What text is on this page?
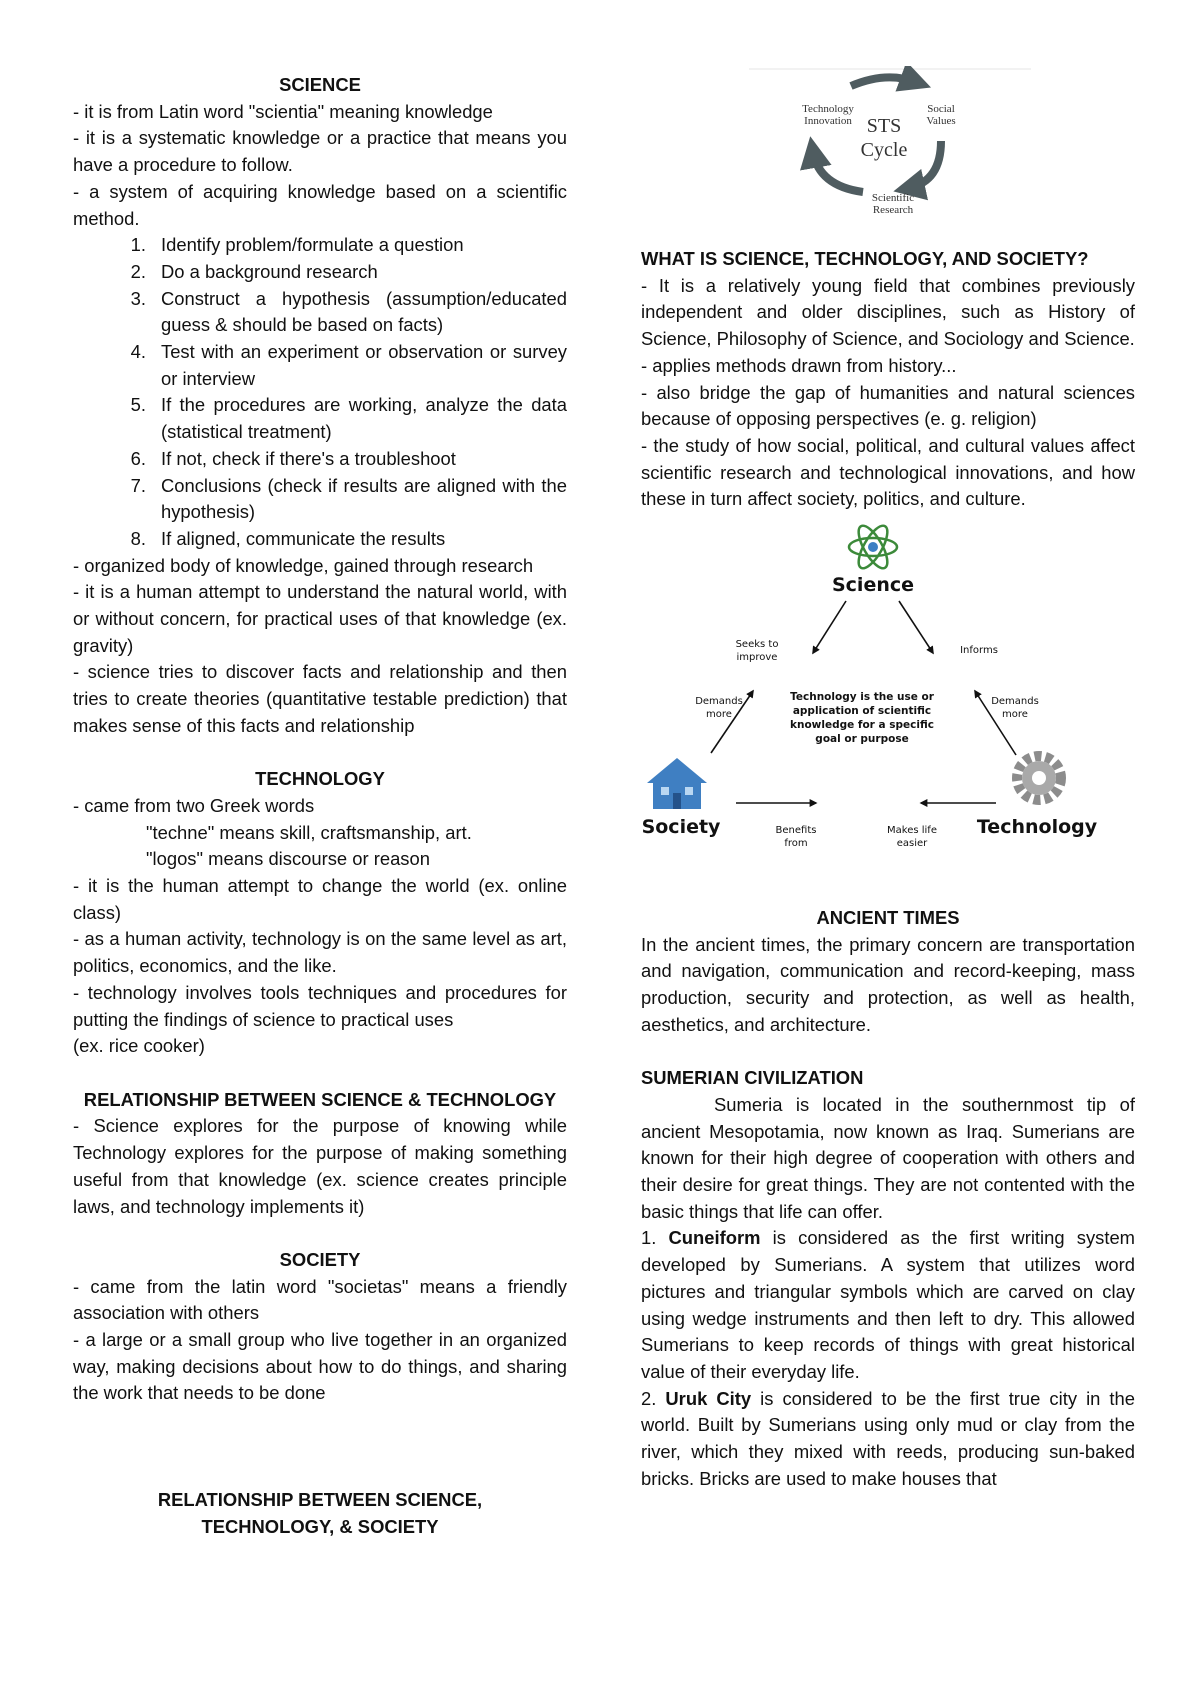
SCIENCE
- it is from Latin word "scientia" meaning knowledge
- it is a systematic knowledge or a practice that means you have a procedure to follow.
- a system of acquiring knowledge based on a scientific method.
1. Identify problem/formulate a question
2. Do a background research
3. Construct a hypothesis (assumption/educated guess & should be based on facts)
4. Test with an experiment or observation or survey or interview
5. If the procedures are working, analyze the data (statistical treatment)
6. If not, check if there's a troubleshoot
7. Conclusions (check if results are aligned with the hypothesis)
8. If aligned, communicate the results
- organized body of knowledge, gained through research
- it is a human attempt to understand the natural world, with or without concern, for practical uses of that knowledge (ex. gravity)
- science tries to discover facts and relationship and then tries to create theories (quantitative testable prediction) that makes sense of this facts and relationship
TECHNOLOGY
- came from two Greek words
"techne" means skill, craftsmanship, art.
"logos" means discourse or reason
- it is the human attempt to change the world (ex. online class)
- as a human activity, technology is on the same level as art, politics, economics, and the like.
- technology involves tools techniques and procedures for putting the findings of science to practical uses
(ex. rice cooker)
RELATIONSHIP BETWEEN SCIENCE & TECHNOLOGY
- Science explores for the purpose of knowing while Technology explores for the purpose of making something useful from that knowledge (ex. science creates principle laws, and technology implements it)
SOCIETY
- came from the latin word "societas" means a friendly association with others
- a large or a small group who live together in an organized way, making decisions about how to do things, and sharing the work that needs to be done
RELATIONSHIP BETWEEN SCIENCE,
TECHNOLOGY, & SOCIETY
STS
Cycle
Technology
Innovation
Social
Values
Scientific
Research
WHAT IS SCIENCE, TECHNOLOGY, AND SOCIETY?
- It is a relatively young field that combines previously independent and older disciplines, such as History of Science, Philosophy of Science, and Sociology and Science.
- applies methods drawn from history...
- also bridge the gap of humanities and natural sciences because of opposing perspectives (e. g. religion)
- the study of how social, political, and cultural values affect scientific research and technological innovations, and how these in turn affect society, politics, and culture.
Science
Seeks to
improve
Informs
Demands
more
Demands
more
Technology is the use or
application of scientific
knowledge for a specific
goal or purpose
Society	Technology
Benefits
from
Makes life
easier
ANCIENT TIMES
In the ancient times, the primary concern are transportation and navigation, communication and record-keeping, mass production, security and protection, as well as health, aesthetics, and architecture.
SUMERIAN CIVILIZATION
Sumeria is located in the southernmost tip of ancient Mesopotamia, now known as Iraq. Sumerians are known for their high degree of cooperation with others and their desire for great things. They are not contented with the basic things that life can offer.
1. Cuneiform is considered as the first writing system developed by Sumerians. A system that utilizes word pictures and triangular symbols which are carved on clay using wedge instruments and then left to dry. This allowed Sumerians to keep records of things with great historical value of their everyday life.
2. Uruk City is considered to be the first true city in the world. Built by Sumerians using only mud or clay from the river, which they mixed with reeds, producing sun-baked bricks. Bricks are used to make houses that
